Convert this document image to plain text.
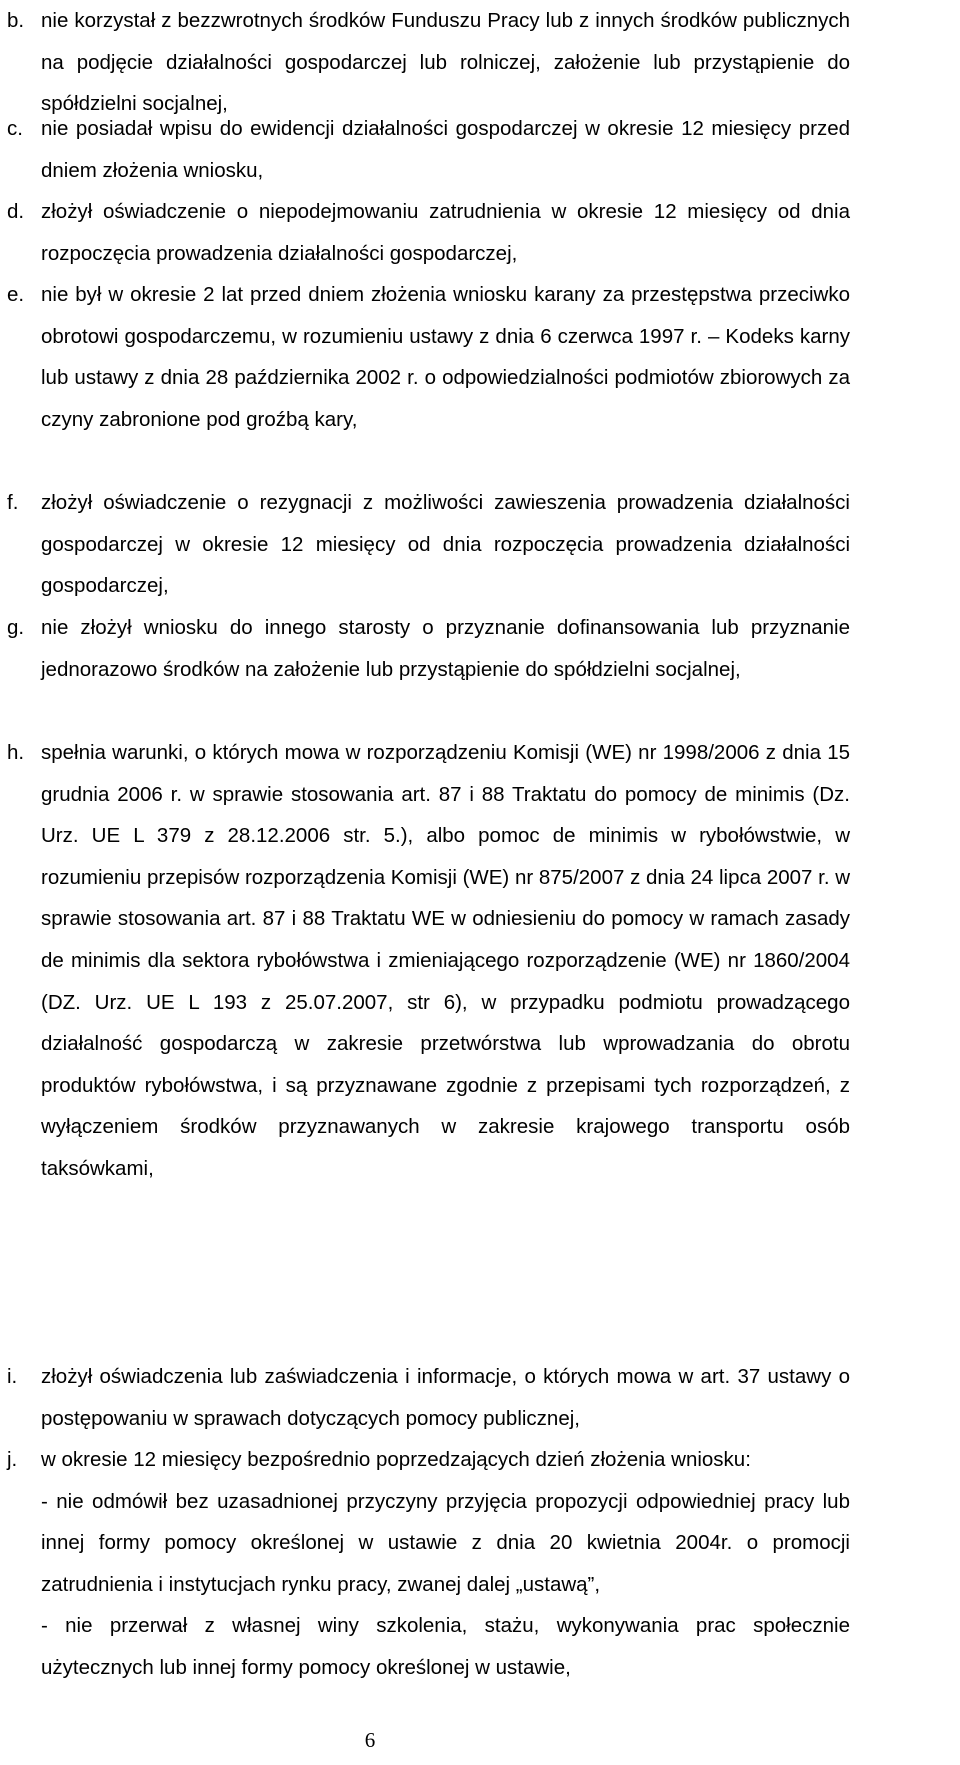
b. nie korzystał z bezzwrotnych środków Funduszu Pracy lub z innych środków publicznych na podjęcie działalności gospodarczej lub rolniczej, założenie lub przystąpienie do spółdzielni socjalnej,
c. nie posiadał wpisu do ewidencji działalności gospodarczej w okresie 12 miesięcy przed dniem złożenia wniosku,
d. złożył oświadczenie o niepodejmowaniu zatrudnienia w okresie 12 miesięcy od dnia rozpoczęcia prowadzenia działalności gospodarczej,
e. nie był w okresie 2 lat przed dniem złożenia wniosku karany za przestępstwa przeciwko obrotowi gospodarczemu, w rozumieniu ustawy z dnia 6 czerwca 1997 r. – Kodeks karny lub ustawy z dnia 28 października 2002 r. o odpowiedzialności podmiotów zbiorowych za czyny zabronione pod groźbą kary,
f. złożył oświadczenie o rezygnacji z możliwości zawieszenia prowadzenia działalności gospodarczej w okresie 12 miesięcy od dnia rozpoczęcia prowadzenia działalności gospodarczej,
g. nie złożył wniosku do innego starosty o przyznanie dofinansowania lub przyznanie jednorazowo środków na założenie lub przystąpienie do spółdzielni socjalnej,
h. spełnia warunki, o których mowa w rozporządzeniu Komisji (WE) nr 1998/2006 z dnia 15 grudnia 2006 r. w sprawie stosowania art. 87 i 88 Traktatu do pomocy de minimis (Dz. Urz. UE L 379 z 28.12.2006 str. 5.), albo pomoc de minimis w rybołówstwie, w rozumieniu przepisów rozporządzenia Komisji (WE) nr 875/2007 z dnia 24 lipca 2007 r. w sprawie stosowania art. 87 i 88 Traktatu WE w odniesieniu do pomocy w ramach zasady de minimis dla sektora rybołówstwa i zmieniającego rozporządzenie (WE) nr 1860/2004 (DZ. Urz. UE L 193 z 25.07.2007, str 6), w przypadku podmiotu prowadzącego działalność gospodarczą w zakresie przetwórstwa lub wprowadzania do obrotu produktów rybołówstwa, i są przyznawane zgodnie z przepisami tych rozporządzeń, z wyłączeniem środków przyznawanych w zakresie krajowego transportu osób taksówkami,
i. złożył oświadczenia lub zaświadczenia i informacje, o których mowa w art. 37 ustawy o postępowaniu w sprawach dotyczących pomocy publicznej,
j. w okresie 12 miesięcy bezpośrednio poprzedzających dzień złożenia wniosku:
- nie odmówił bez uzasadnionej przyczyny przyjęcia propozycji odpowiedniej pracy lub innej formy pomocy określonej w ustawie z dnia 20 kwietnia 2004r. o promocji zatrudnienia i instytucjach rynku pracy, zwanej dalej „ustawą”,
- nie przerwał z własnej winy szkolenia, stażu, wykonywania prac społecznie użytecznych lub innej formy pomocy określonej w ustawie,
6
